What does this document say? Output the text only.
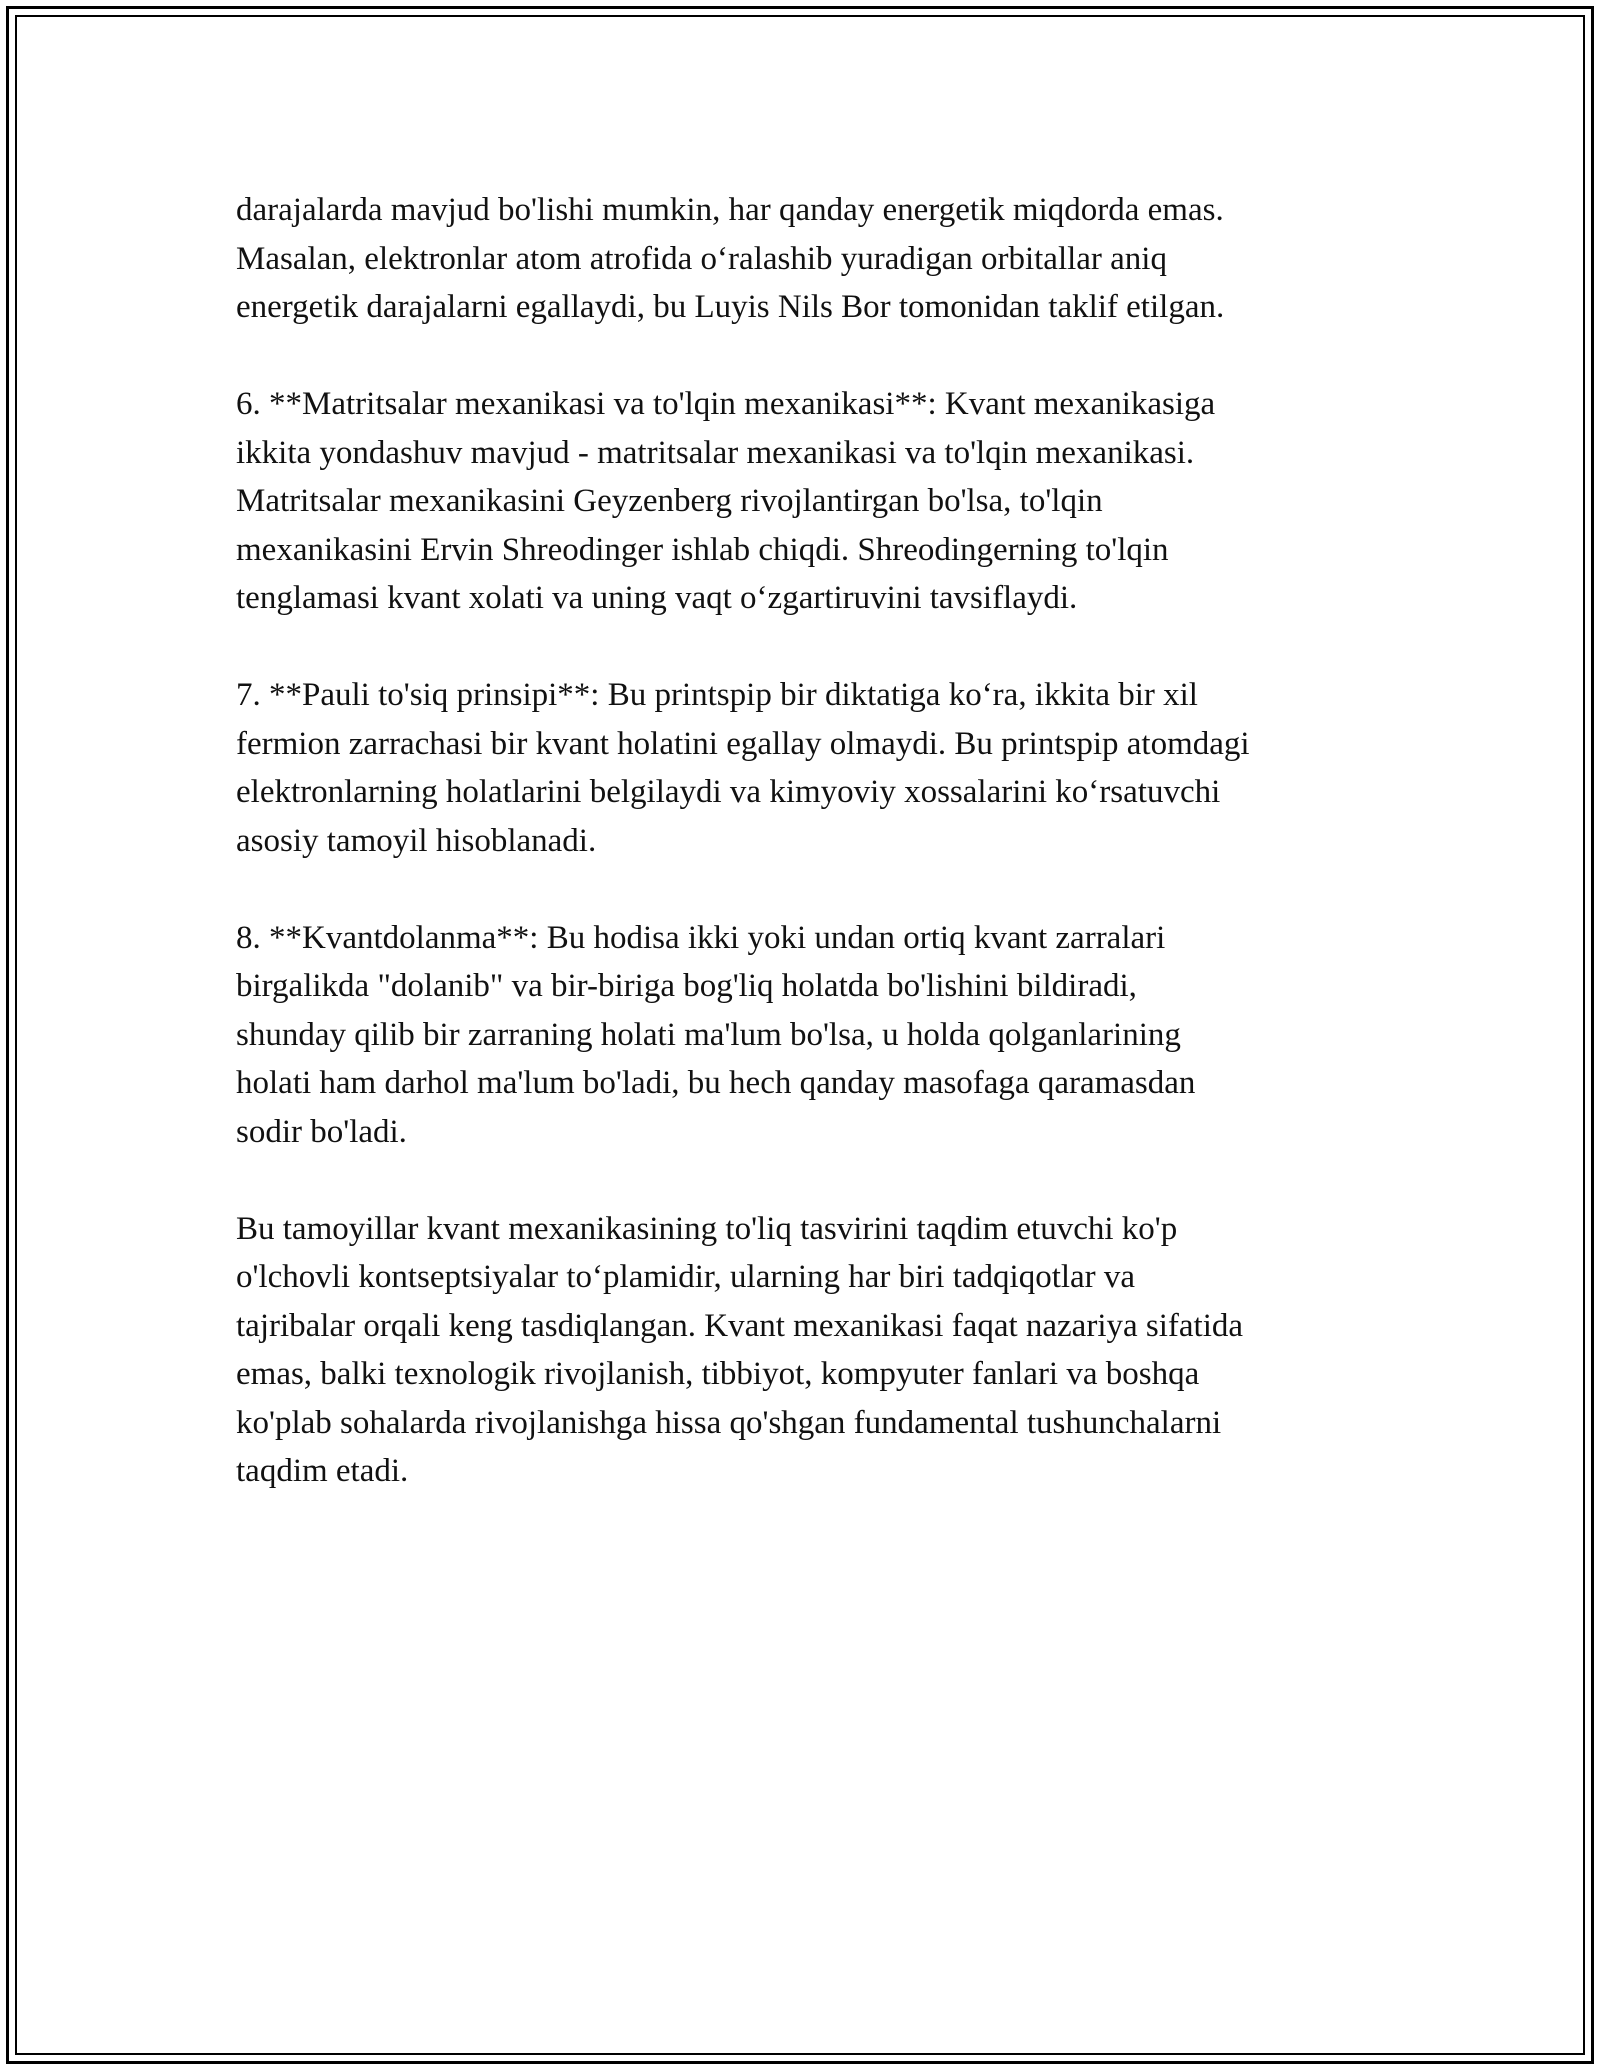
darajalarda mavjud bo'lishi mumkin, har qanday energetik miqdorda emas.
Masalan, elektronlar atom atrofida o‘ralashib yuradigan orbitallar aniq
energetik darajalarni egallaydi, bu Luyis Nils Bor tomonidan taklif etilgan.

6. **Matritsalar mexanikasi va to'lqin mexanikasi**: Kvant mexanikasiga
ikkita yondashuv mavjud - matritsalar mexanikasi va to'lqin mexanikasi.
Matritsalar mexanikasini Geyzenberg rivojlantirgan bo'lsa, to'lqin
mexanikasini Ervin Shreodinger ishlab chiqdi. Shreodingerning to'lqin
tenglamasi kvant xolati va uning vaqt o‘zgartiruvini tavsiflaydi.

7. **Pauli to'siq prinsipi**: Bu printspip bir diktatiga ko‘ra, ikkita bir xil
fermion zarrachasi bir kvant holatini egallay olmaydi. Bu printspip atomdagi
elektronlarning holatlarini belgilaydi va kimyoviy xossalarini ko‘rsatuvchi
asosiy tamoyil hisoblanadi.

8. **Kvantdolanma**: Bu hodisa ikki yoki undan ortiq kvant zarralari
birgalikda "dolanib" va bir-biriga bog'liq holatda bo'lishini bildiradi,
shunday qilib bir zarraning holati ma'lum bo'lsa, u holda qolganlarining
holati ham darhol ma'lum bo'ladi, bu hech qanday masofaga qaramasdan
sodir bo'ladi.

Bu tamoyillar kvant mexanikasining to'liq tasvirini taqdim etuvchi ko'p
o'lchovli kontseptsiyalar to‘plamidir, ularning har biri tadqiqotlar va
tajribalar orqali keng tasdiqlangan. Kvant mexanikasi faqat nazariya sifatida
emas, balki texnologik rivojlanish, tibbiyot, kompyuter fanlari va boshqa
ko'plab sohalarda rivojlanishga hissa qo'shgan fundamental tushunchalarni
taqdim etadi.
